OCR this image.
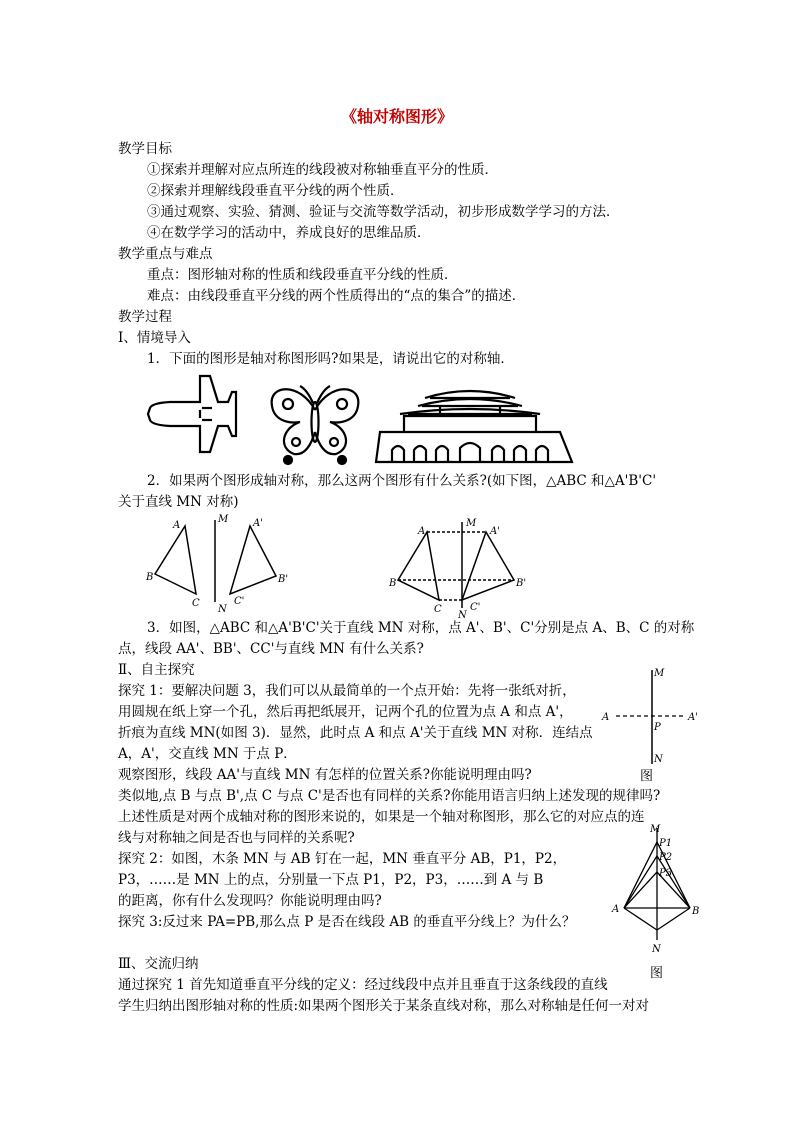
《轴对称图形》
教学目标
①探索并理解对应点所连的线段被对称轴垂直平分的性质．
②探索并理解线段垂直平分线的两个性质．
③通过观察、实验、猜测、验证与交流等数学活动，初步形成数学学习的方法．
④在数学学习的活动中，养成良好的思维品质．
教学重点与难点
重点：图形轴对称的性质和线段垂直平分线的性质．
难点：由线段垂直平分线的两个性质得出的“点的集合”的描述．
教学过程
Ⅰ、情境导入
1．下面的图形是轴对称图形吗?如果是，请说出它的对称轴．
2．如果两个图形成轴对称，那么这两个图形有什么关系?(如下图，△ABC 和△A'B'C'
关于直线 MN 对称)
A
B
C
M
N
A'
B'
C'
A
B
C
M
N
A'
B'
C'
3．如图，△ABC 和△A'B'C'关于直线 MN 对称，点 A'、B'、C'分别是点 A、B、C 的对称
点，线段 AA'、BB'、CC'与直线 MN 有什么关系?
Ⅱ、自主探究
探究 1：要解决问题 3，我们可以从最简单的一个点开始：先将一张纸对折，
用圆规在纸上穿一个孔，然后再把纸展开，记两个孔的位置为点 A 和点 A'，
折痕为直线 MN(如图 3)．显然，此时点 A 和点 A'关于直线 MN 对称．连结点
A，A'，交直线 MN 于点 P．
观察图形，线段 AA'与直线 MN 有怎样的位置关系?你能说明理由吗?
类似地,点 B 与点 B',点 C 与点 C'是否也有同样的关系?你能用语言归纳上述发现的规律吗?
上述性质是对两个成轴对称的图形来说的，如果是一个轴对称图形，那么它的对应点的连
线与对称轴之间是否也与同样的关系呢?
M
A	A'
P
N
图
探究 2：如图，木条 MN 与 AB 钉在一起，MN 垂直平分 AB，P1，P2，
P3，……是 MN 上的点，分别量一下点 P1，P2，P3，……到 A 与 B
的距离，你有什么发现吗？你能说明理由吗?
探究 3:反过来 PA=PB,那么点 P 是否在线段 AB 的垂直平分线上？为什么？
M
P1
P2
P3
A	B
N
图
Ⅲ、交流归纳
通过探究 1 首先知道垂直平分线的定义：经过线段中点并且垂直于这条线段的直线
学生归纳出图形轴对称的性质:如果两个图形关于某条直线对称，那么对称轴是任何一对对
